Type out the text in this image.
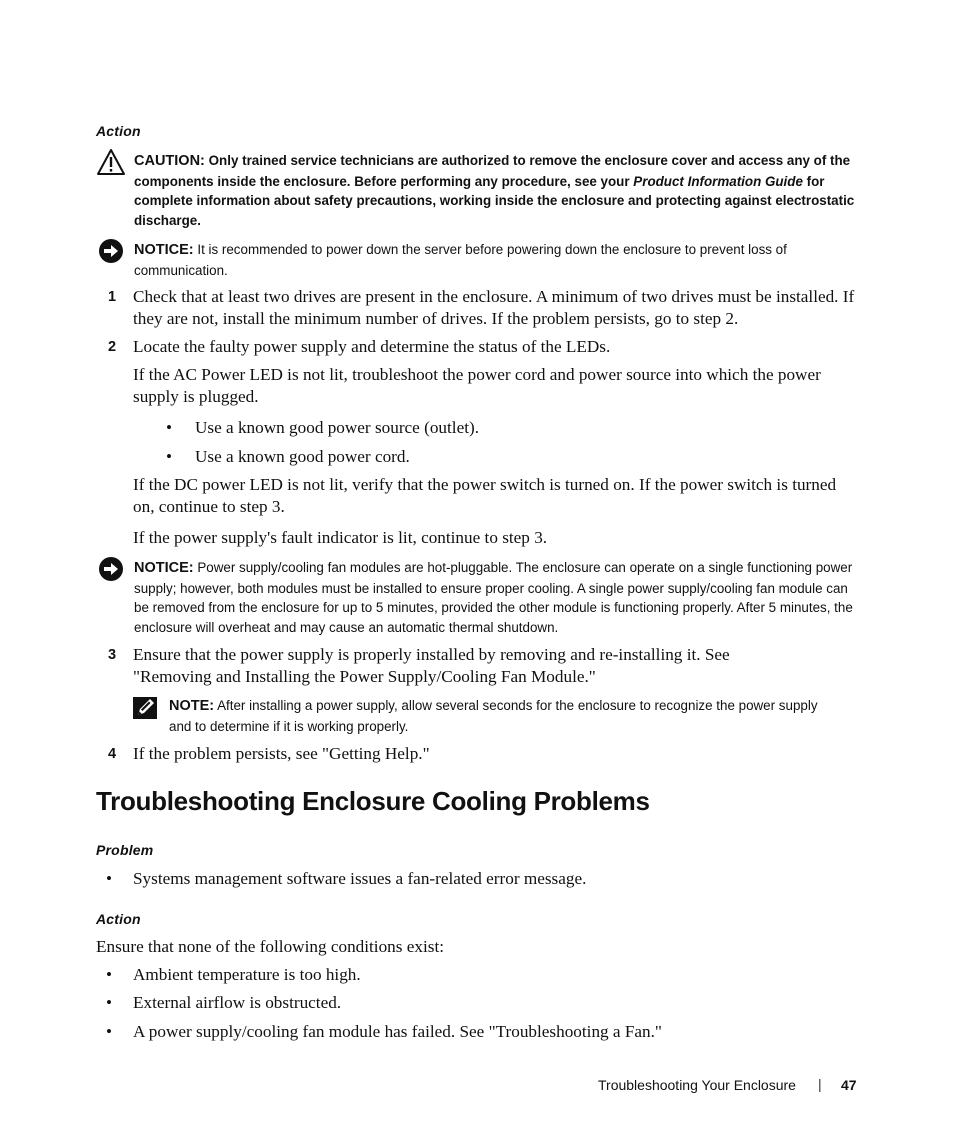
Action
CAUTION: Only trained service technicians are authorized to remove the enclosure cover and access any of the components inside the enclosure. Before performing any procedure, see your Product Information Guide for complete information about safety precautions, working inside the enclosure and protecting against electrostatic discharge.
NOTICE: It is recommended to power down the server before powering down the enclosure to prevent loss of communication.
1 Check that at least two drives are present in the enclosure. A minimum of two drives must be installed. If they are not, install the minimum number of drives. If the problem persists, go to step 2.
2 Locate the faulty power supply and determine the status of the LEDs.
If the AC Power LED is not lit, troubleshoot the power cord and power source into which the power supply is plugged.
• Use a known good power source (outlet).
• Use a known good power cord.
If the DC power LED is not lit, verify that the power switch is turned on. If the power switch is turned on, continue to step 3.
If the power supply's fault indicator is lit, continue to step 3.
NOTICE: Power supply/cooling fan modules are hot-pluggable. The enclosure can operate on a single functioning power supply; however, both modules must be installed to ensure proper cooling. A single power supply/cooling fan module can be removed from the enclosure for up to 5 minutes, provided the other module is functioning properly. After 5 minutes, the enclosure will overheat and may cause an automatic thermal shutdown.
3 Ensure that the power supply is properly installed by removing and re-installing it. See "Removing and Installing the Power Supply/Cooling Fan Module."
NOTE: After installing a power supply, allow several seconds for the enclosure to recognize the power supply and to determine if it is working properly.
4 If the problem persists, see "Getting Help."
Troubleshooting Enclosure Cooling Problems
Problem
• Systems management software issues a fan-related error message.
Action
Ensure that none of the following conditions exist:
• Ambient temperature is too high.
• External airflow is obstructed.
• A power supply/cooling fan module has failed. See "Troubleshooting a Fan."
Troubleshooting Your Enclosure | 47
